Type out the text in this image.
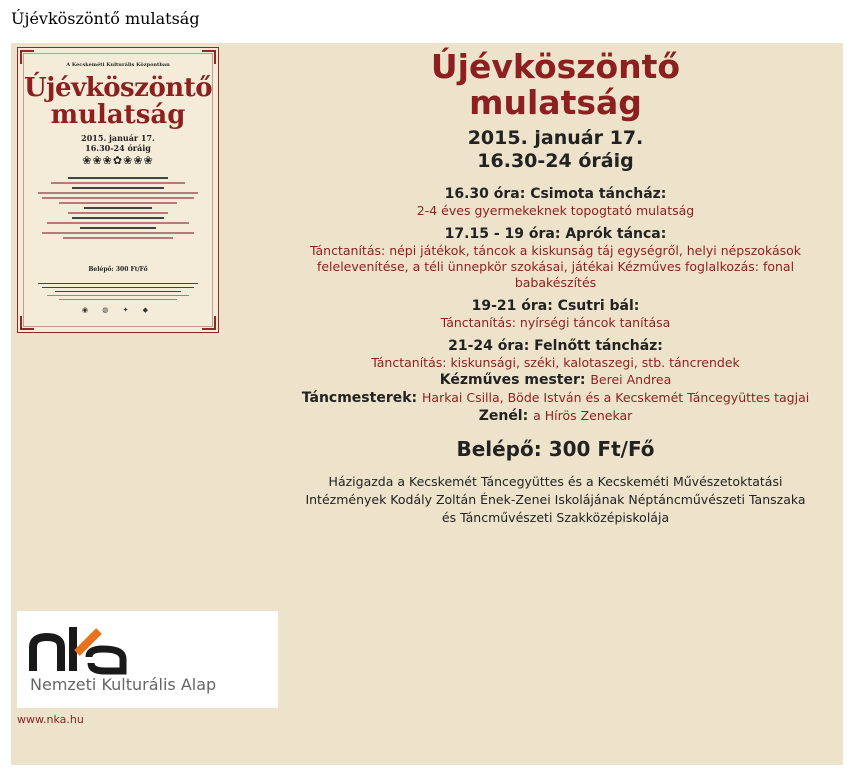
Újévköszöntő mulatság
A Kecskeméti Kulturális Központban
Újévköszöntő
mulatság
2015. január 17.
16.30-24 óráig
❀❀❀✿❀❀❀
Belépő: 300 Ft/Fő
◉ ◍ ✦ ◆
Nemzeti Kulturális Alap
www.nka.hu
Újévköszöntő
mulatság
2015. január 17.
16.30-24 óráig
16.30 óra: Csimota táncház:
2-4 éves gyermekeknek topogtató mulatság
17.15 - 19 óra: Aprók tánca:
Tánctanítás: népi játékok, táncok a kiskunság táj egységről, helyi népszokások felelevenítése, a téli ünnepkör szokásai, játékai Kézműves foglalkozás: fonal babakészítés
19-21 óra: Csutri bál:
Tánctanítás: nyírségi táncok tanítása
21-24 óra: Felnőtt táncház:
Tánctanítás: kiskunsági, széki, kalotaszegi, stb. táncrendek
Kézműves mester: Berei Andrea
Táncmesterek: Harkai Csilla, Böde István és a Kecskemét Táncegyüttes tagjai
Zenél: a Hírös Zenekar
Belépő: 300 Ft/Fő
Házigazda a Kecskemét Táncegyüttes és a Kecskeméti Művészetoktatási Intézmények Kodály Zoltán Ének-Zenei Iskolájának Néptáncművészeti Tanszaka és Táncművészeti Szakközépiskolája
